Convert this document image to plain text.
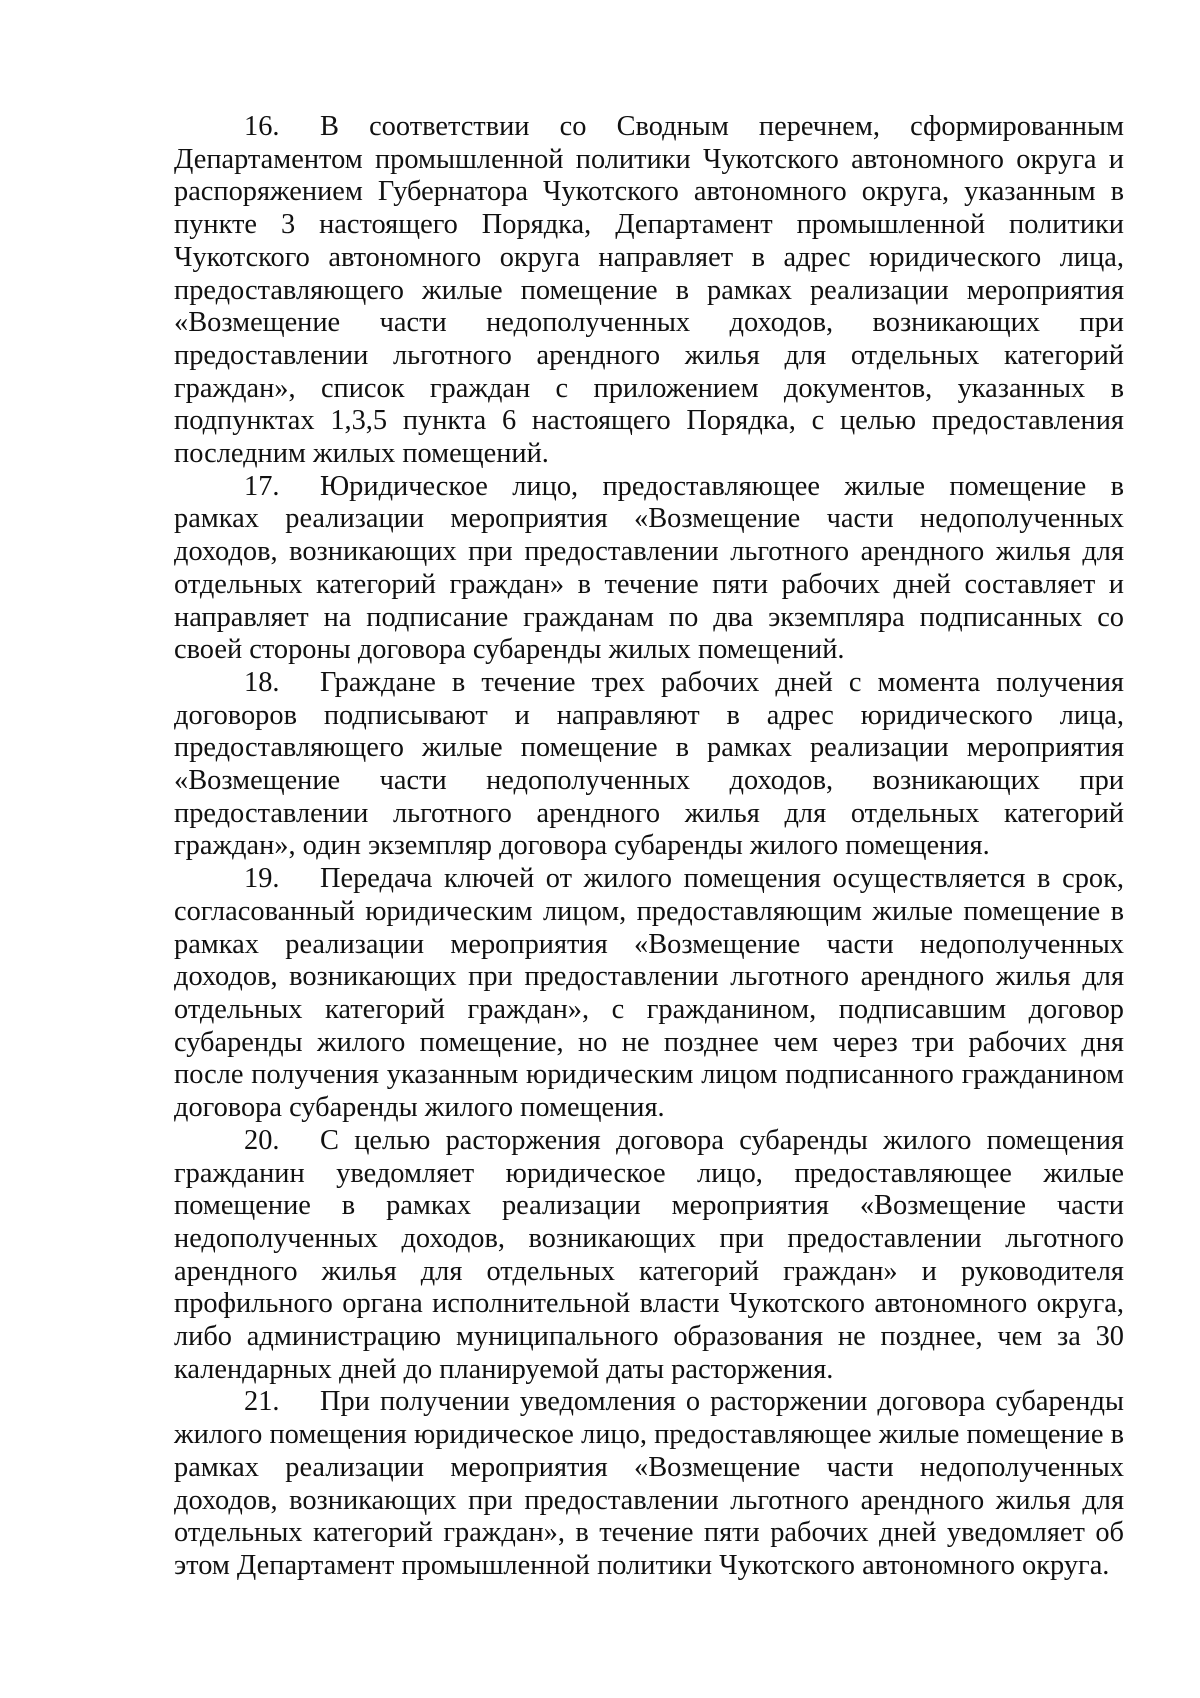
16. В соответствии со Сводным перечнем, сформированным Департаментом промышленной политики Чукотского автономного округа и распоряжением Губернатора Чукотского автономного округа, указанным в пункте 3 настоящего Порядка, Департамент промышленной политики Чукотского автономного округа направляет в адрес юридического лица, предоставляющего жилые помещение в рамках реализации мероприятия «Возмещение части недополученных доходов, возникающих при предоставлении льготного арендного жилья для отдельных категорий граждан», список граждан с приложением документов, указанных в подпунктах 1,3,5 пункта 6 настоящего Порядка, с целью предоставления последним жилых помещений.

17. Юридическое лицо, предоставляющее жилые помещение в рамках реализации мероприятия «Возмещение части недополученных доходов, возникающих при предоставлении льготного арендного жилья для отдельных категорий граждан» в течение пяти рабочих дней составляет и направляет на подписание гражданам по два экземпляра подписанных со своей стороны договора субаренды жилых помещений.

18. Граждане в течение трех рабочих дней с момента получения договоров подписывают и направляют в адрес юридического лица, предоставляющего жилые помещение в рамках реализации мероприятия «Возмещение части недополученных доходов, возникающих при предоставлении льготного арендного жилья для отдельных категорий граждан», один экземпляр договора субаренды жилого помещения.

19. Передача ключей от жилого помещения осуществляется в срок, согласованный юридическим лицом, предоставляющим жилые помещение в рамках реализации мероприятия «Возмещение части недополученных доходов, возникающих при предоставлении льготного арендного жилья для отдельных категорий граждан», с гражданином, подписавшим договор субаренды жилого помещение, но не позднее чем через три рабочих дня после получения указанным юридическим лицом подписанного гражданином договора субаренды жилого помещения.

20. С целью расторжения договора субаренды жилого помещения гражданин уведомляет юридическое лицо, предоставляющее жилые помещение в рамках реализации мероприятия «Возмещение части недополученных доходов, возникающих при предоставлении льготного арендного жилья для отдельных категорий граждан» и руководителя профильного органа исполнительной власти Чукотского автономного округа, либо администрацию муниципального образования не позднее, чем за 30 календарных дней до планируемой даты расторжения.

21. При получении уведомления о расторжении договора субаренды жилого помещения юридическое лицо, предоставляющее жилые помещение в рамках реализации мероприятия «Возмещение части недополученных доходов, возникающих при предоставлении льготного арендного жилья для отдельных категорий граждан», в течение пяти рабочих дней уведомляет об этом Департамент промышленной политики Чукотского автономного округа.
